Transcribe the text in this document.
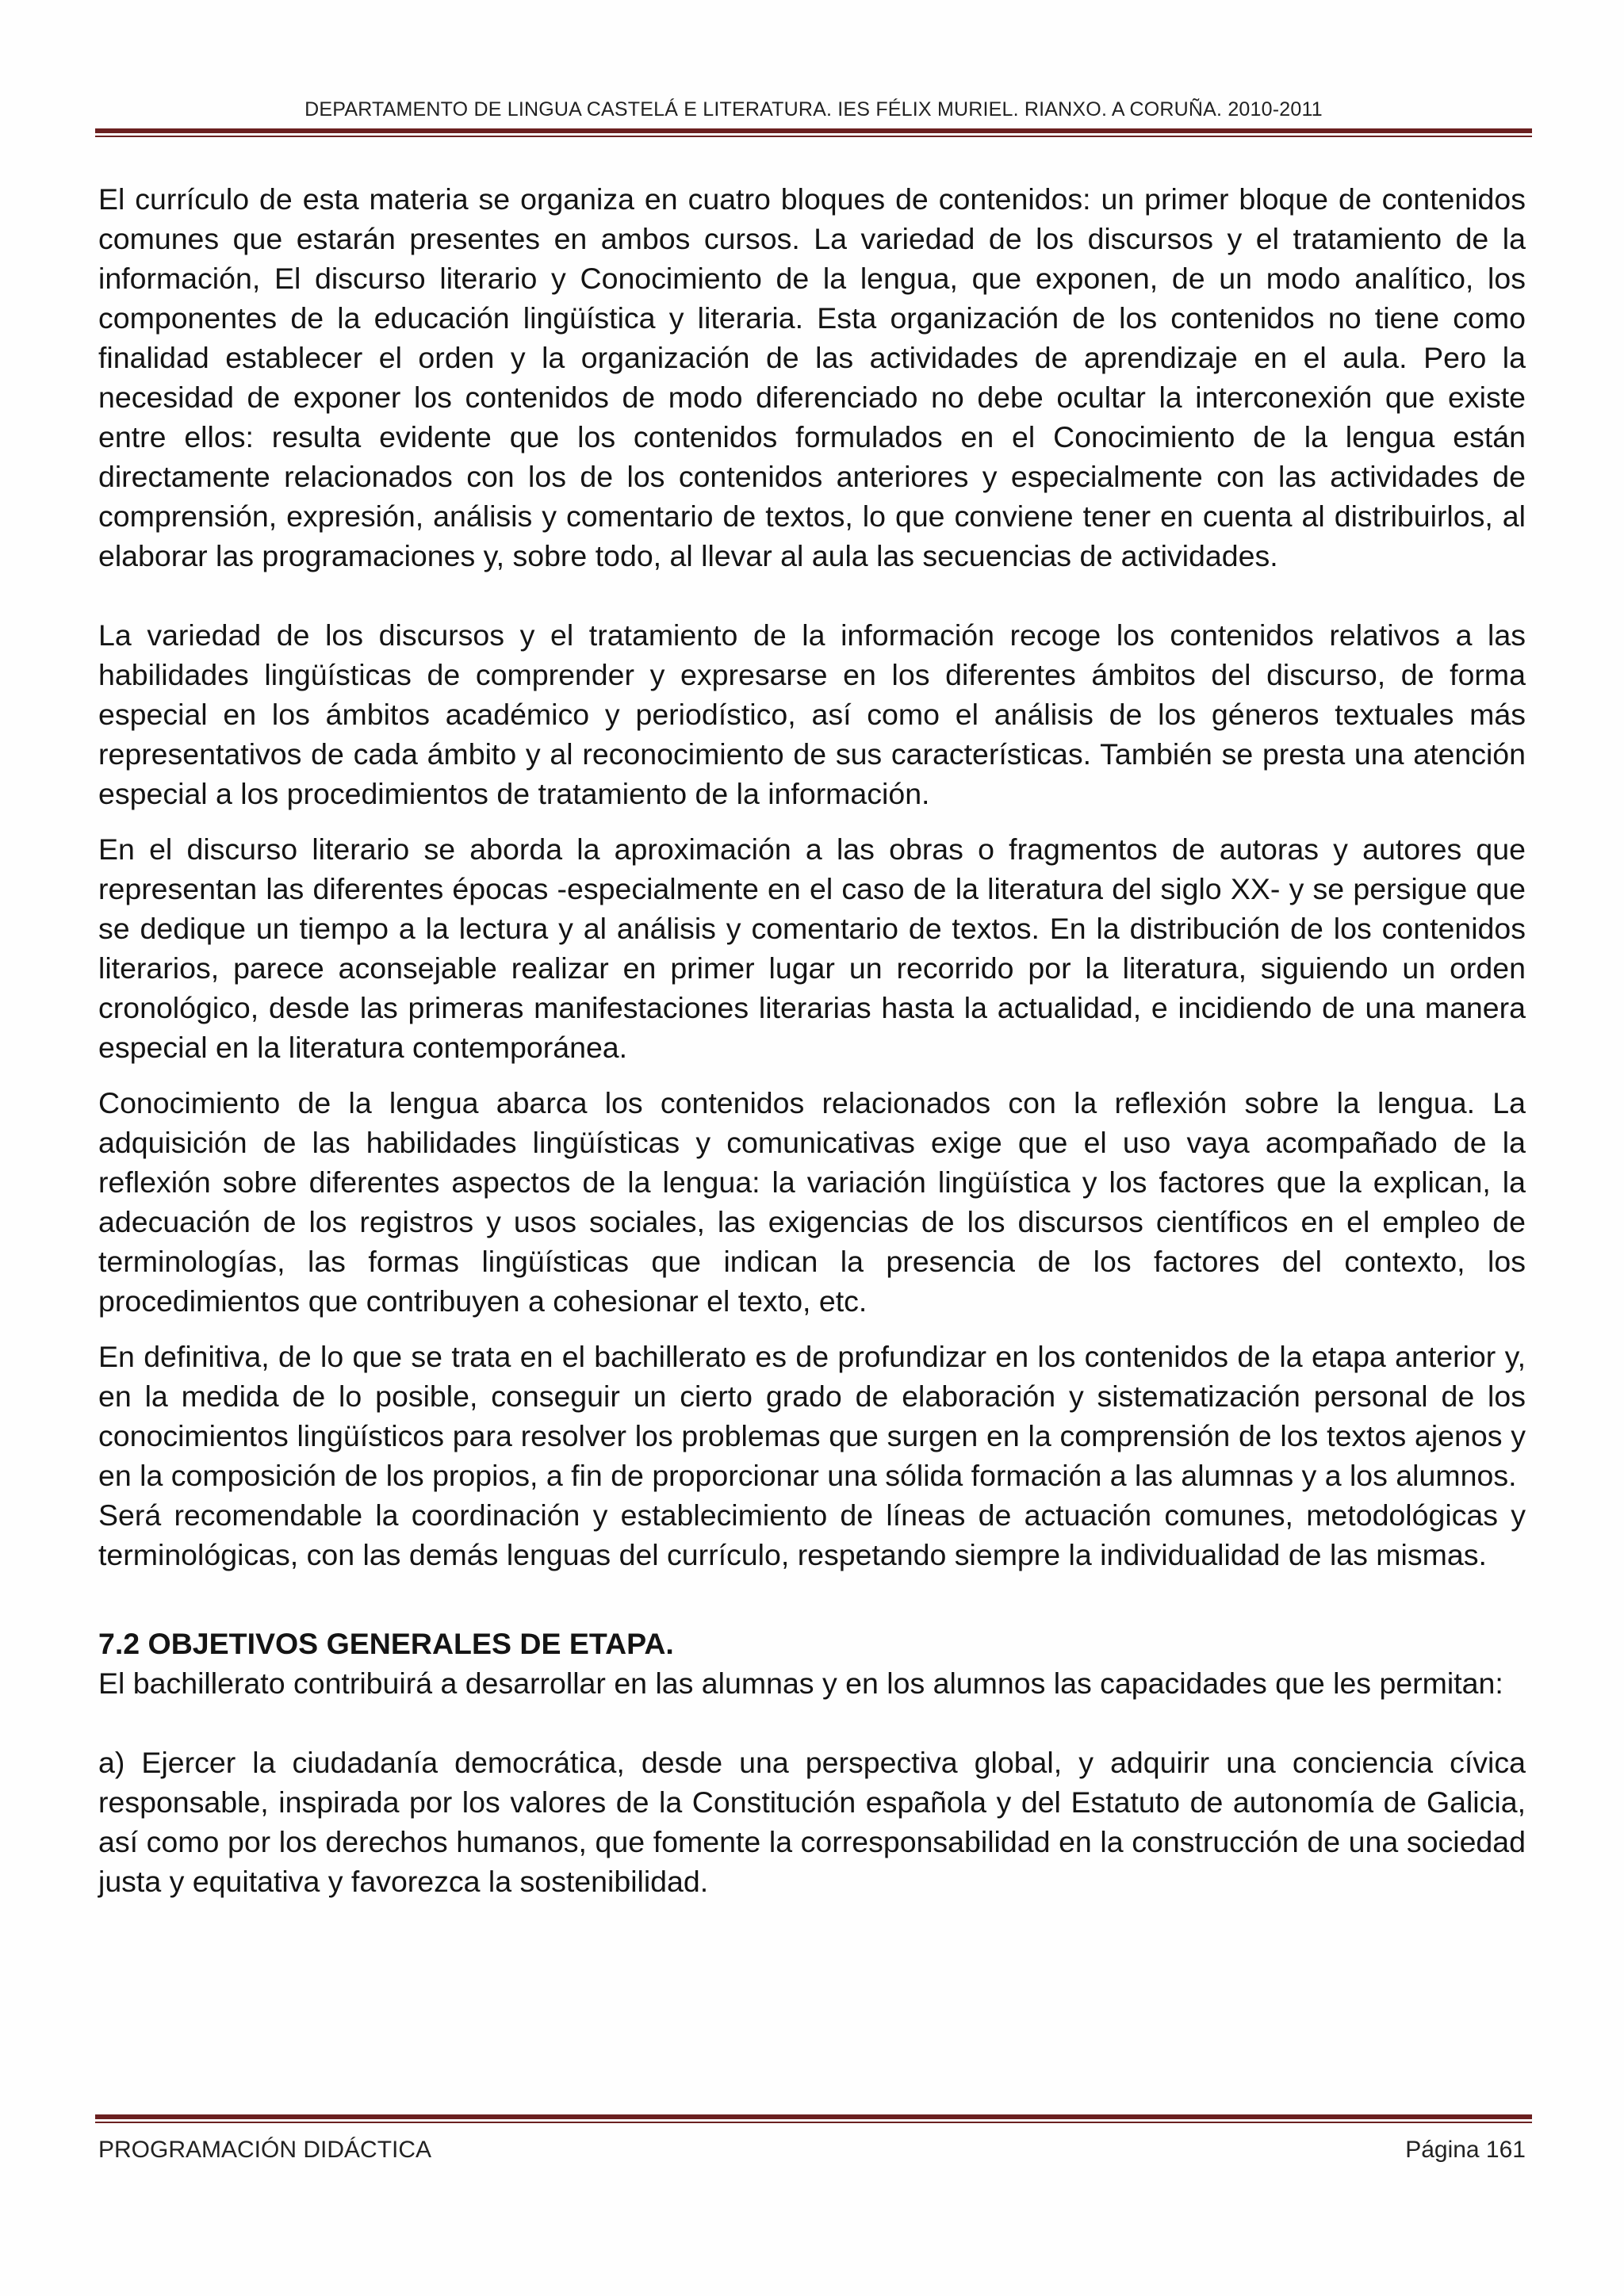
DEPARTAMENTO DE LINGUA CASTELÁ E LITERATURA. IES FÉLIX MURIEL. RIANXO. A CORUÑA. 2010-2011

El currículo de esta materia se organiza en cuatro bloques de contenidos: un primer bloque de contenidos comunes que estarán presentes en ambos cursos. La variedad de los discursos y el tratamiento de la información, El discurso literario y Conocimiento de la lengua, que exponen, de un modo analítico, los componentes de la educación lingüística y literaria. Esta organización de los contenidos no tiene como finalidad establecer el orden y la organización de las actividades de aprendizaje en el aula. Pero la necesidad de exponer los contenidos de modo diferenciado no debe ocultar la interconexión que existe entre ellos: resulta evidente que los contenidos formulados en el Conocimiento de la lengua están directamente relacionados con los de los contenidos anteriores y especialmente con las actividades de comprensión, expresión, análisis y comentario de textos, lo que conviene tener en cuenta al distribuirlos, al elaborar las programaciones y, sobre todo, al llevar al aula las secuencias de actividades.

La variedad de los discursos y el tratamiento de la información recoge los contenidos relativos a las habilidades lingüísticas de comprender y expresarse en los diferentes ámbitos del discurso, de forma especial en los ámbitos académico y periodístico, así como el análisis de los géneros textuales más representativos de cada ámbito y al reconocimiento de sus características. También se presta una atención especial a los procedimientos de tratamiento de la información.

En el discurso literario se aborda la aproximación a las obras o fragmentos de autoras y autores que representan las diferentes épocas -especialmente en el caso de la literatura del siglo XX- y se persigue que se dedique un tiempo a la lectura y al análisis y comentario de textos. En la distribución de los contenidos literarios, parece aconsejable realizar en primer lugar un recorrido por la literatura, siguiendo un orden cronológico, desde las primeras manifestaciones literarias hasta la actualidad, e incidiendo de una manera especial en la literatura contemporánea.

Conocimiento de la lengua abarca los contenidos relacionados con la reflexión sobre la lengua. La adquisición de las habilidades lingüísticas y comunicativas exige que el uso vaya acompañado de la reflexión sobre diferentes aspectos de la lengua: la variación lingüística y los factores que la explican, la adecuación de los registros y usos sociales, las exigencias de los discursos científicos en el empleo de terminologías, las formas lingüísticas que indican la presencia de los factores del contexto, los procedimientos que contribuyen a cohesionar el texto, etc.

En definitiva, de lo que se trata en el bachillerato es de profundizar en los contenidos de la etapa anterior y, en la medida de lo posible, conseguir un cierto grado de elaboración y sistematización personal de los conocimientos lingüísticos para resolver los problemas que surgen en la comprensión de los textos ajenos y en la composición de los propios, a fin de proporcionar una sólida formación a las alumnas y a los alumnos.

Será recomendable la coordinación y establecimiento de líneas de actuación comunes, metodológicas y terminológicas, con las demás lenguas del currículo, respetando siempre la individualidad de las mismas.

7.2 OBJETIVOS GENERALES DE ETAPA.

El bachillerato contribuirá a desarrollar en las alumnas y en los alumnos las capacidades que les permitan:

a) Ejercer la ciudadanía democrática, desde una perspectiva global, y adquirir una conciencia cívica responsable, inspirada por los valores de la Constitución española y del Estatuto de autonomía de Galicia, así como por los derechos humanos, que fomente la corresponsabilidad en la construcción de una sociedad justa y equitativa y favorezca la sostenibilidad.

PROGRAMACIÓN DIDÁCTICA	Página 161
